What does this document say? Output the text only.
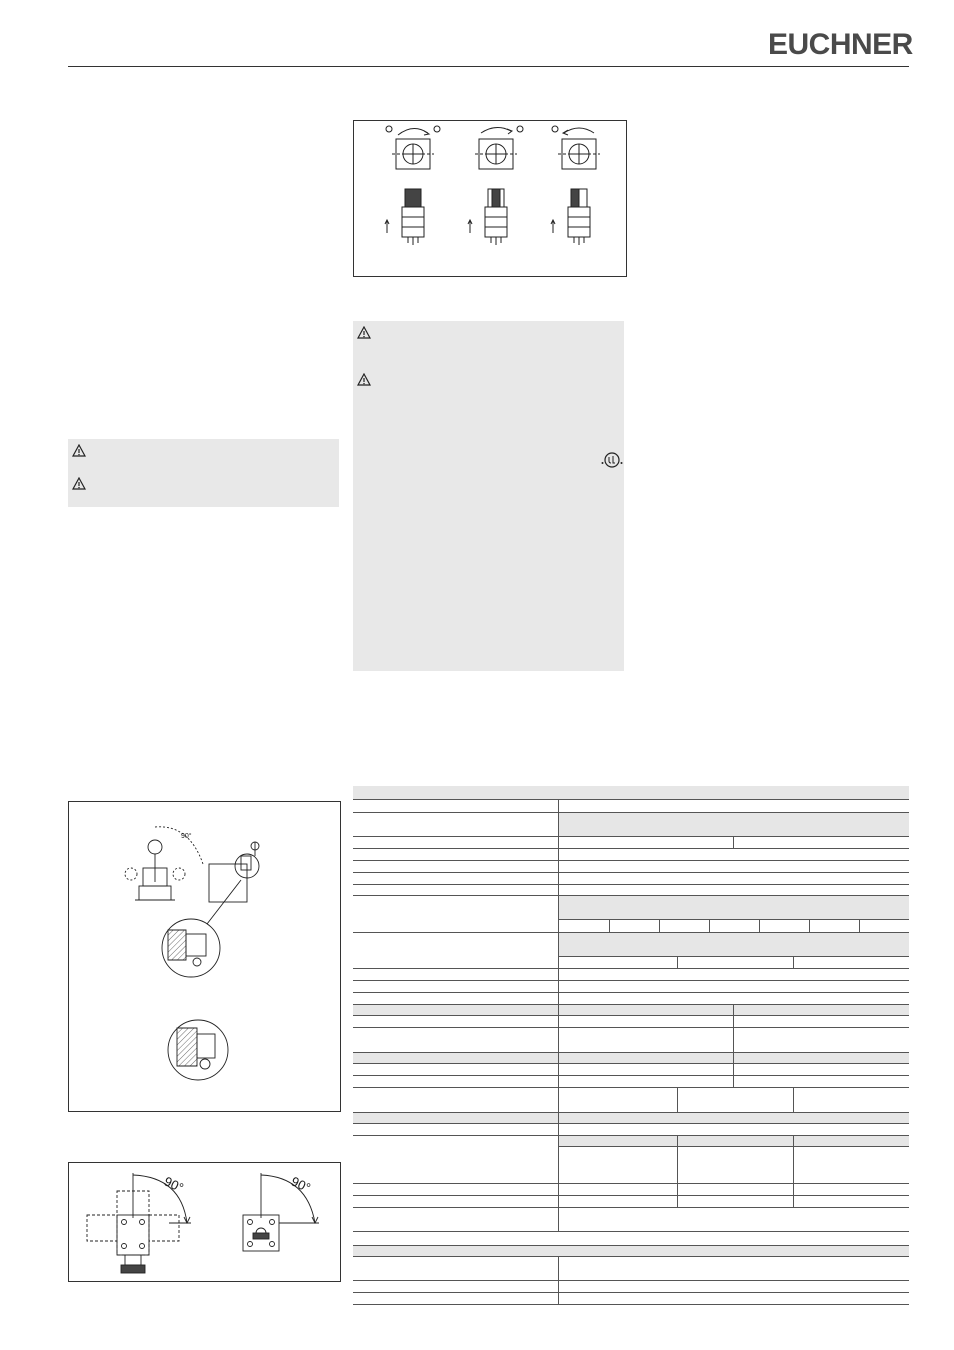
EUCHNER
90°
90°	90°
